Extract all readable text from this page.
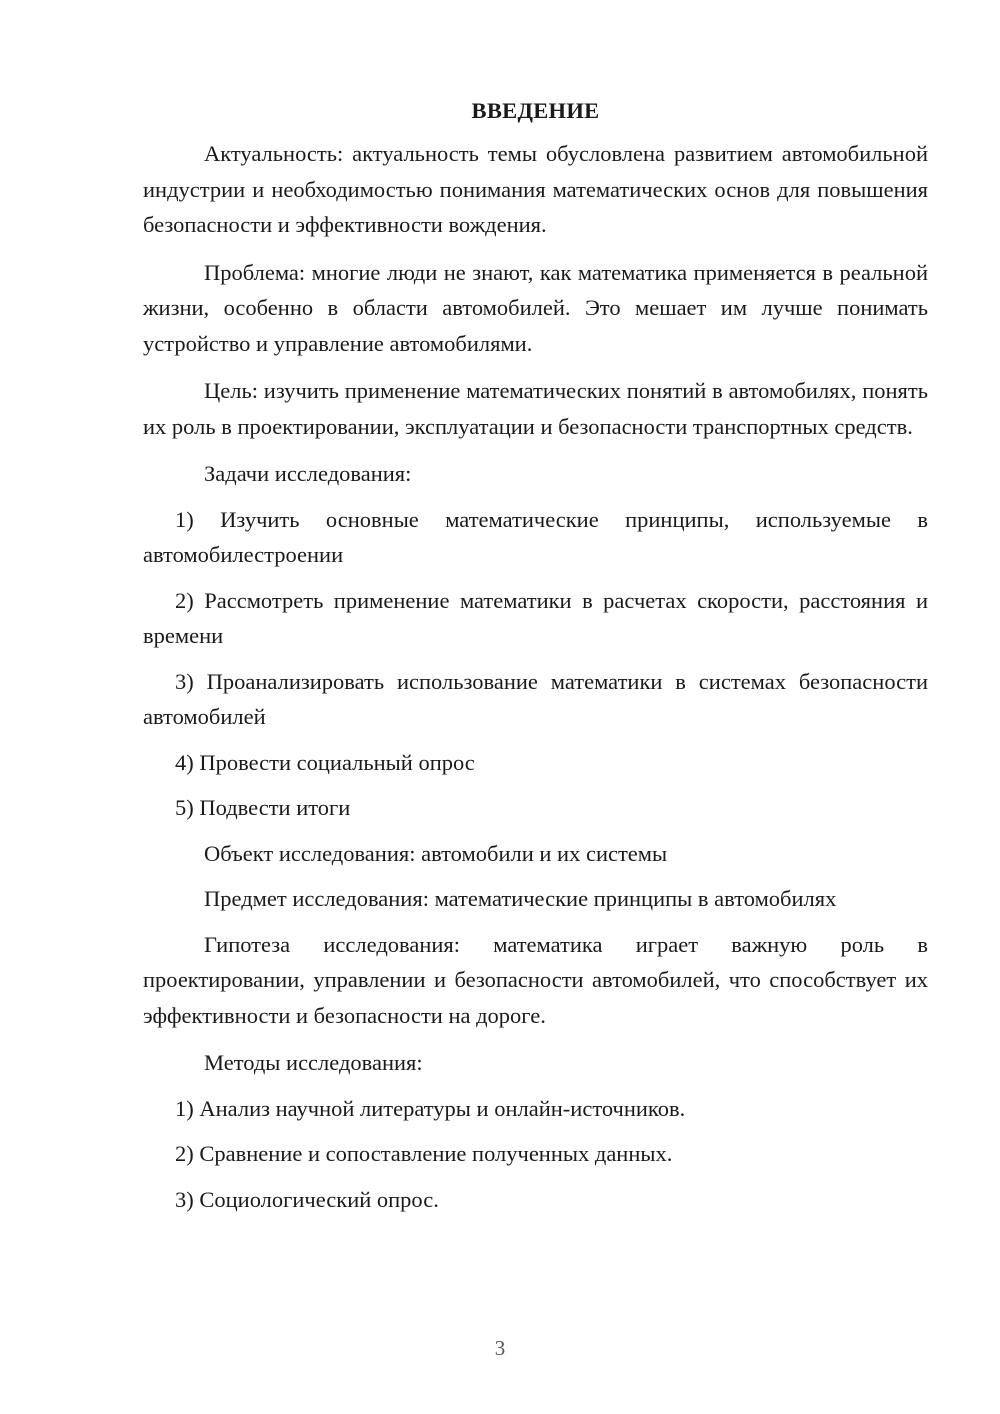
ВВЕДЕНИЕ

Актуальность: актуальность темы обусловлена развитием автомобильной индустрии и необходимостью понимания математических основ для повышения безопасности и эффективности вождения.

Проблема: многие люди не знают, как математика применяется в реальной жизни, особенно в области автомобилей. Это мешает им лучше понимать устройство и управление автомобилями.

Цель: изучить применение математических понятий в автомобилях, понять их роль в проектировании, эксплуатации и безопасности транспортных средств.

Задачи исследования:

1) Изучить основные математические принципы, используемые в автомобилестроении

2) Рассмотреть применение математики в расчетах скорости, расстояния и времени

3) Проанализировать использование математики в системах безопасности автомобилей

4) Провести социальный опрос

5) Подвести итоги

Объект исследования: автомобили и их системы

Предмет исследования: математические принципы в автомобилях

Гипотеза исследования: математика играет важную роль в проектировании, управлении и безопасности автомобилей, что способствует их эффективности и безопасности на дороге.

Методы исследования:

1) Анализ научной литературы и онлайн-источников.

2) Сравнение и сопоставление полученных данных.

3) Социологический опрос.

3
